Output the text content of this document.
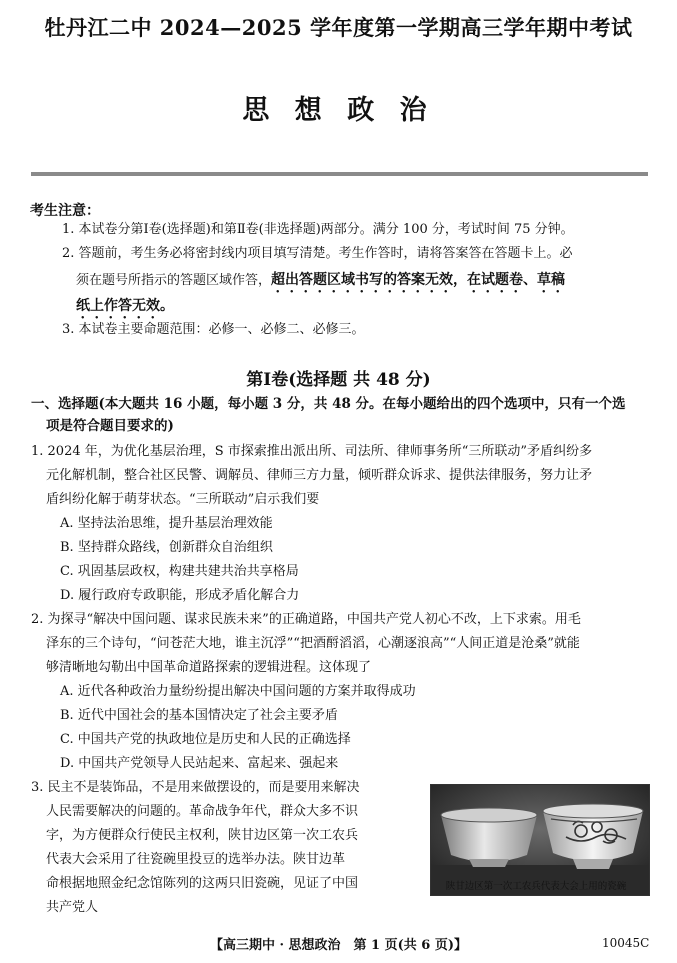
牡丹江二中 2024—2025 学年度第一学期高三学年期中考试
思 想 政 治
考生注意：
1. 本试卷分第Ⅰ卷(选择题)和第Ⅱ卷(非选择题)两部分。满分 100 分，考试时间 75 分钟。
2. 答题前，考生务必将密封线内项目填写清楚。考生作答时，请将答案答在答题卡上。必
须在题号所指示的答题区域作答，超出答题区域书写的答案无效，在试题卷、草稿
纸上作答无效。
3. 本试卷主要命题范围：必修一、必修二、必修三。
第Ⅰ卷(选择题 共 48 分)
一、选择题(本大题共 16 小题，每小题 3 分，共 48 分。在每小题给出的四个选项中，只有一个选
项是符合题目要求的)
1. 2024 年，为优化基层治理，S 市探索推出派出所、司法所、律师事务所“三所联动”矛盾纠纷多
元化解机制，整合社区民警、调解员、律师三方力量，倾听群众诉求、提供法律服务，努力让矛
盾纠纷化解于萌芽状态。“三所联动”启示我们要
A. 坚持法治思维，提升基层治理效能
B. 坚持群众路线，创新群众自治组织
C. 巩固基层政权，构建共建共治共享格局
D. 履行政府专政职能，形成矛盾化解合力
2. 为探寻“解决中国问题、谋求民族未来”的正确道路，中国共产党人初心不改，上下求索。用毛
泽东的三个诗句，“问苍茫大地，谁主沉浮”“把酒酹滔滔，心潮逐浪高”“人间正道是沧桑”就能
够清晰地勾勒出中国革命道路探索的逻辑进程。这体现了
A. 近代各种政治力量纷纷提出解决中国问题的方案并取得成功
B. 近代中国社会的基本国情决定了社会主要矛盾
C. 中国共产党的执政地位是历史和人民的正确选择
D. 中国共产党领导人民站起来、富起来、强起来
3. 民主不是装饰品，不是用来做摆设的，而是要用来解决
人民需要解决的问题的。革命战争年代，群众大多不识
字，为方便群众行使民主权利，陕甘边区第一次工农兵
代表大会采用了往瓷碗里投豆的选举办法。陕甘边革
命根据地照金纪念馆陈列的这两只旧瓷碗，见证了中国
共产党人
陕甘边区第一次工农兵代表大会上用的瓷碗
【高三期中 · 思想政治　第 1 页(共 6 页)】	10045C
